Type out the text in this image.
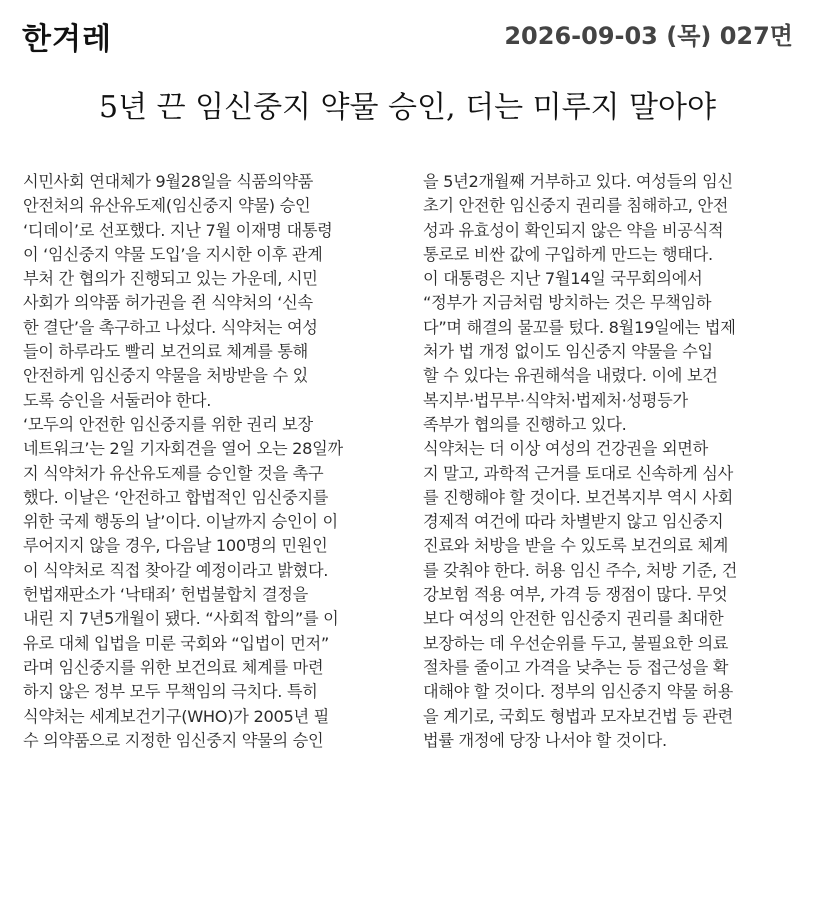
한겨레	2026-09-03 (목) 027면
5년 끈 임신중지 약물 승인, 더는 미루지 말아야

시민사회 연대체가 9월28일을 식품의약품

안전처의 유산유도제(임신중지 약물) 승인

‘디데이’로 선포했다. 지난 7월 이재명 대통령

이 ‘임신중지 약물 도입’을 지시한 이후 관계

부처 간 협의가 진행되고 있는 가운데, 시민

사회가 의약품 허가권을 쥔 식약처의 ‘신속

한 결단’을 촉구하고 나섰다. 식약처는 여성

들이 하루라도 빨리 보건의료 체계를 통해

안전하게 임신중지 약물을 처방받을 수 있

도록 승인을 서둘러야 한다.

‘모두의 안전한 임신중지를 위한 권리 보장

네트워크’는 2일 기자회견을 열어 오는 28일까

지 식약처가 유산유도제를 승인할 것을 촉구

했다. 이날은 ‘안전하고 합법적인 임신중지를

위한 국제 행동의 날’이다. 이날까지 승인이 이

루어지지 않을 경우, 다음날 100명의 민원인

이 식약처로 직접 찾아갈 예정이라고 밝혔다.

헌법재판소가 ‘낙태죄’ 헌법불합치 결정을

내린 지 7년5개월이 됐다. “사회적 합의”를 이

유로 대체 입법을 미룬 국회와 “입법이 먼저”

라며 임신중지를 위한 보건의료 체계를 마련

하지 않은 정부 모두 무책임의 극치다. 특히

식약처는 세계보건기구(WHO)가 2005년 필

수 의약품으로 지정한 임신중지 약물의 승인

을 5년2개월째 거부하고 있다. 여성들의 임신

초기 안전한 임신중지 권리를 침해하고, 안전

성과 유효성이 확인되지 않은 약을 비공식적

통로로 비싼 값에 구입하게 만드는 행태다.

이 대통령은 지난 7월14일 국무회의에서

“정부가 지금처럼 방치하는 것은 무책임하

다”며 해결의 물꼬를 텄다. 8월19일에는 법제

처가 법 개정 없이도 임신중지 약물을 수입

할 수 있다는 유권해석을 내렸다. 이에 보건

복지부·법무부·식약처·법제처·성평등가

족부가 협의를 진행하고 있다.

식약처는 더 이상 여성의 건강권을 외면하

지 말고, 과학적 근거를 토대로 신속하게 심사

를 진행해야 할 것이다. 보건복지부 역시 사회

경제적 여건에 따라 차별받지 않고 임신중지

진료와 처방을 받을 수 있도록 보건의료 체계

를 갖춰야 한다. 허용 임신 주수, 처방 기준, 건

강보험 적용 여부, 가격 등 쟁점이 많다. 무엇

보다 여성의 안전한 임신중지 권리를 최대한

보장하는 데 우선순위를 두고, 불필요한 의료

절차를 줄이고 가격을 낮추는 등 접근성을 확

대해야 할 것이다. 정부의 임신중지 약물 허용

을 계기로, 국회도 형법과 모자보건법 등 관련

법률 개정에 당장 나서야 할 것이다.
